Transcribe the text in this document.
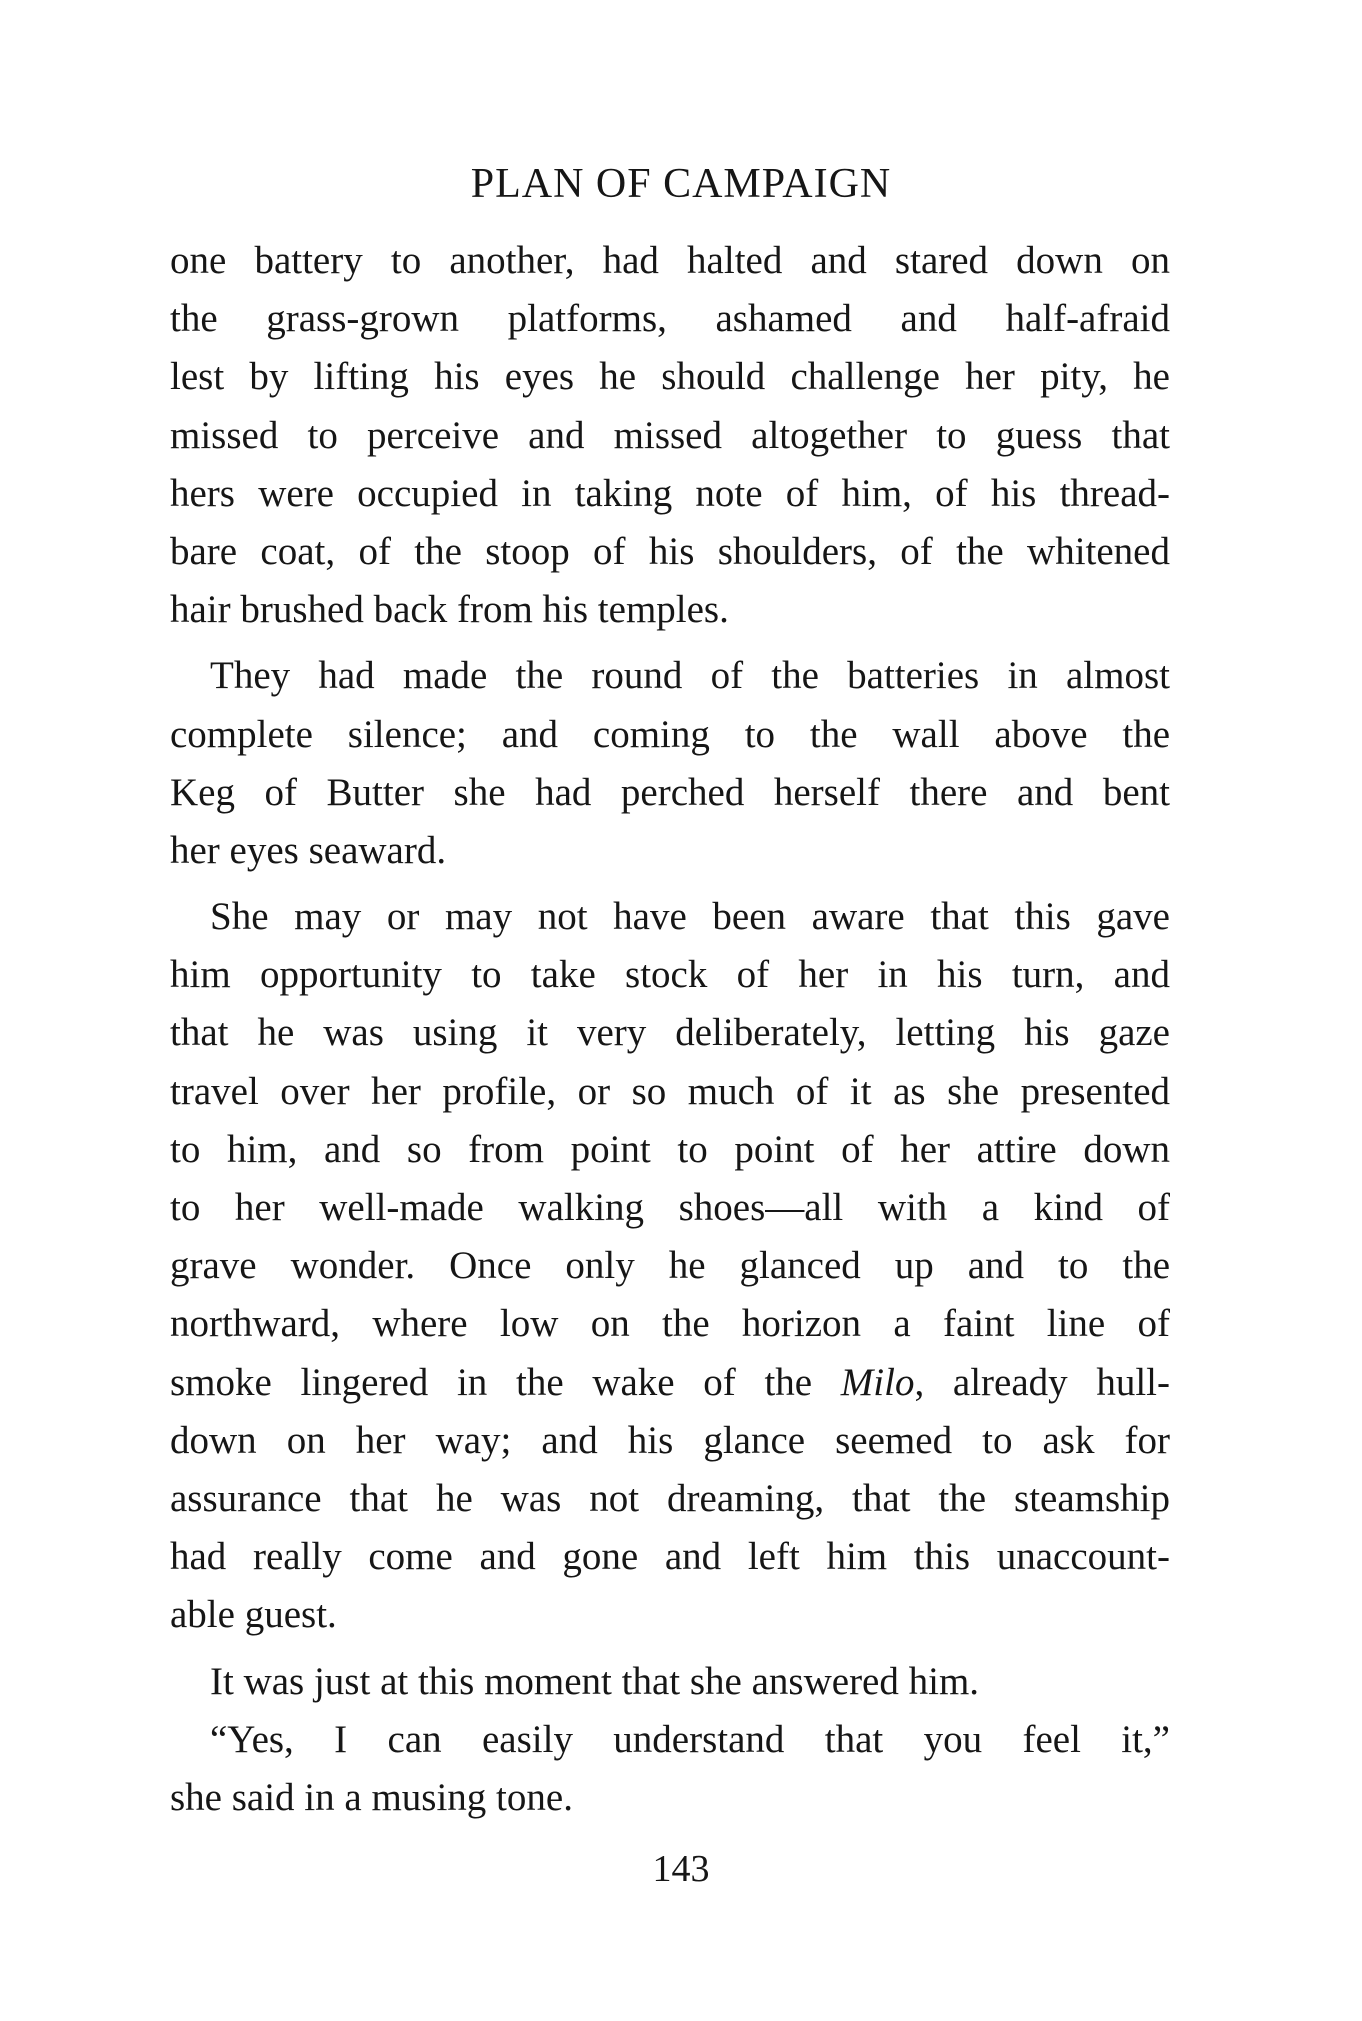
PLAN OF CAMPAIGN
one battery to another, had halted and stared down on
the grass-grown platforms, ashamed and half-afraid
lest by lifting his eyes he should challenge her pity, he
missed to perceive and missed altogether to guess that
hers were occupied in taking note of him, of his thread-
bare coat, of the stoop of his shoulders, of the whitened
hair brushed back from his temples.
They had made the round of the batteries in almost
complete silence; and coming to the wall above the
Keg of Butter she had perched herself there and bent
her eyes seaward.
She may or may not have been aware that this gave
him opportunity to take stock of her in his turn, and
that he was using it very deliberately, letting his gaze
travel over her profile, or so much of it as she presented
to him, and so from point to point of her attire down
to her well-made walking shoes—all with a kind of
grave wonder. Once only he glanced up and to the
northward, where low on the horizon a faint line of
smoke lingered in the wake of the Milo, already hull-
down on her way; and his glance seemed to ask for
assurance that he was not dreaming, that the steamship
had really come and gone and left him this unaccount-
able guest.
It was just at this moment that she answered him.
“Yes, I can easily understand that you feel it,”
she said in a musing tone.
143
